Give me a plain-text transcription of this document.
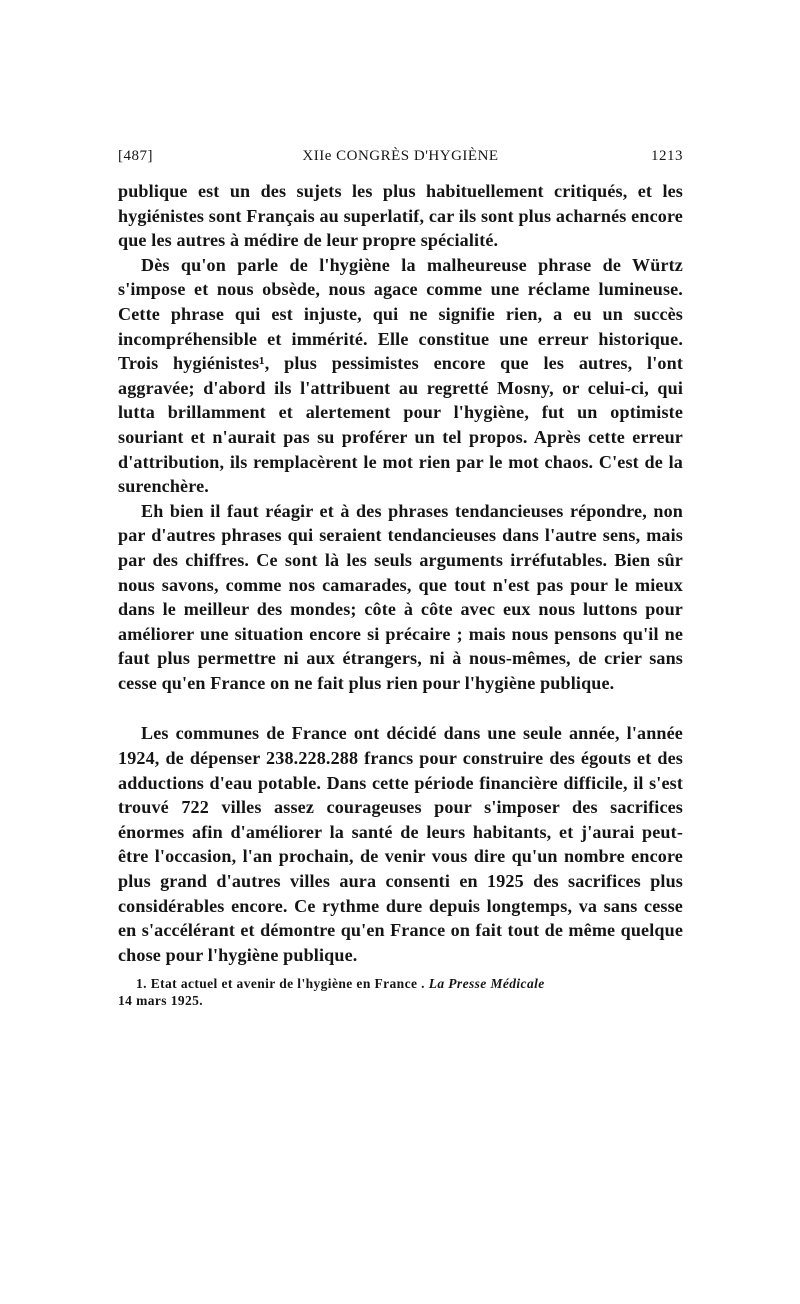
[487]	XIIe CONGRÈS D'HYGIÈNE	1213

publique est un des sujets les plus habituellement critiqués, et les hygiénistes sont Français au superlatif, car ils sont plus acharnés encore que les autres à médire de leur propre spécialité.

Dès qu'on parle de l'hygiène la malheureuse phrase de Würtz s'impose et nous obsède, nous agace comme une réclame lumineuse. Cette phrase qui est injuste, qui ne signifie rien, a eu un succès incompréhensible et immérité. Elle constitue une erreur historique. Trois hygiénistes¹, plus pessimistes encore que les autres, l'ont aggravée; d'abord ils l'attribuent au regretté Mosny, or celui-ci, qui lutta brillamment et alertement pour l'hygiène, fut un optimiste souriant et n'aurait pas su proférer un tel propos. Après cette erreur d'attribution, ils remplacèrent le mot rien par le mot chaos. C'est de la surenchère.

Eh bien il faut réagir et à des phrases tendancieuses répondre, non par d'autres phrases qui seraient tendancieuses dans l'autre sens, mais par des chiffres. Ce sont là les seuls arguments irréfutables. Bien sûr nous savons, comme nos camarades, que tout n'est pas pour le mieux dans le meilleur des mondes; côte à côte avec eux nous luttons pour améliorer une situation encore si précaire ; mais nous pensons qu'il ne faut plus permettre ni aux étrangers, ni à nous-mêmes, de crier sans cesse qu'en France on ne fait plus rien pour l'hygiène publique.

Les communes de France ont décidé dans une seule année, l'année 1924, de dépenser 238.228.288 francs pour construire des égouts et des adductions d'eau potable. Dans cette période financière difficile, il s'est trouvé 722 villes assez courageuses pour s'imposer des sacrifices énormes afin d'améliorer la santé de leurs habitants, et j'aurai peut-être l'occasion, l'an prochain, de venir vous dire qu'un nombre encore plus grand d'autres villes aura consenti en 1925 des sacrifices plus considérables encore. Ce rythme dure depuis longtemps, va sans cesse en s'accélérant et démontre qu'en France on fait tout de même quelque chose pour l'hygiène publique.

1. Etat actuel et avenir de l'hygiène en France . La Presse Médicale
14 mars 1925.
